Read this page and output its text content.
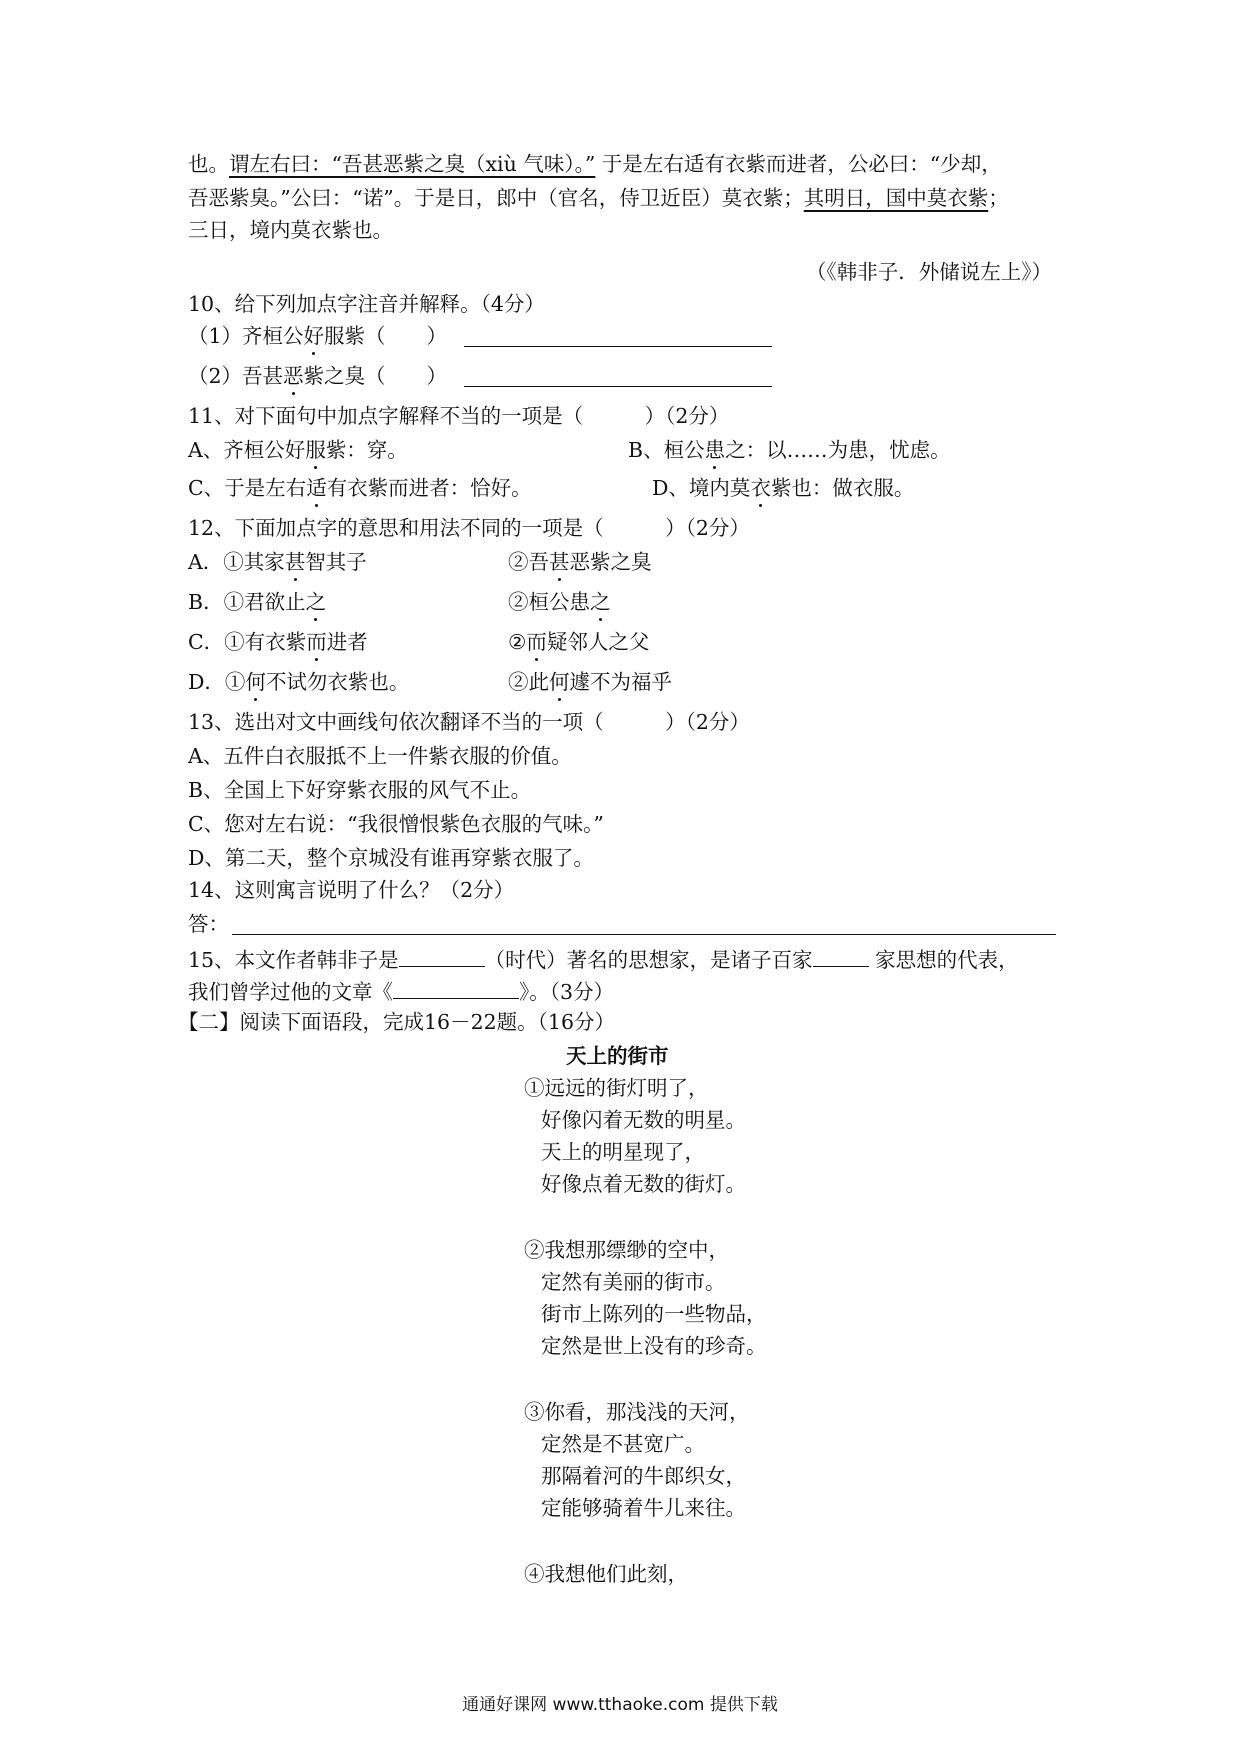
也。谓左右曰：“吾甚恶紫之臭（xiù 气味）。” 于是左右适有衣紫而进者，公必曰：“少却，
吾恶紫臭。”公曰：“诺”。于是日，郎中（官名，侍卫近臣）莫衣紫；其明日，国中莫衣紫；
三日，境内莫衣紫也。
（《韩非子．外储说左上》）
10、给下列加点字注音并解释。（4分）
（1）齐桓公好服紫（　　）
（2）吾甚恶紫之臭（　　）
11、对下面句中加点字解释不当的一项是（　　　）（2分）
A、齐桓公好服紫：穿。	B、桓公患之：以……为患，忧虑。
C、于是左右适有衣紫而进者：恰好。	D、境内莫衣紫也：做衣服。
12、下面加点字的意思和用法不同的一项是（　　　）（2分）
A．①其家甚智其子	②吾甚恶紫之臭
B．①君欲止之	②桓公患之
C．①有衣紫而进者	②而疑邻人之父
D．①何不试勿衣紫也。	②此何遽不为福乎
13、选出对文中画线句依次翻译不当的一项（　　　）（2分）
A、五件白衣服抵不上一件紫衣服的价值。
B、全国上下好穿紫衣服的风气不止。
C、您对左右说：“我很憎恨紫色衣服的气味。”
D、第二天，整个京城没有谁再穿紫衣服了。
14、这则寓言说明了什么？（2分）
答：
15、本文作者韩非子是	（时代）著名的思想家，是诸子百家	家思想的代表，
我们曾学过他的文章《	》。（3分）
【二】阅读下面语段，完成16－22题。（16分）
天上的街市
①远远的街灯明了，
好像闪着无数的明星。
天上的明星现了，
好像点着无数的街灯。
②我想那缥缈的空中，
定然有美丽的街市。
街市上陈列的一些物品，
定然是世上没有的珍奇。
③你看，那浅浅的天河，
定然是不甚宽广。
那隔着河的牛郎织女，
定能够骑着牛儿来往。
④我想他们此刻，
通通好课网 www.tthaoke.com 提供下载
